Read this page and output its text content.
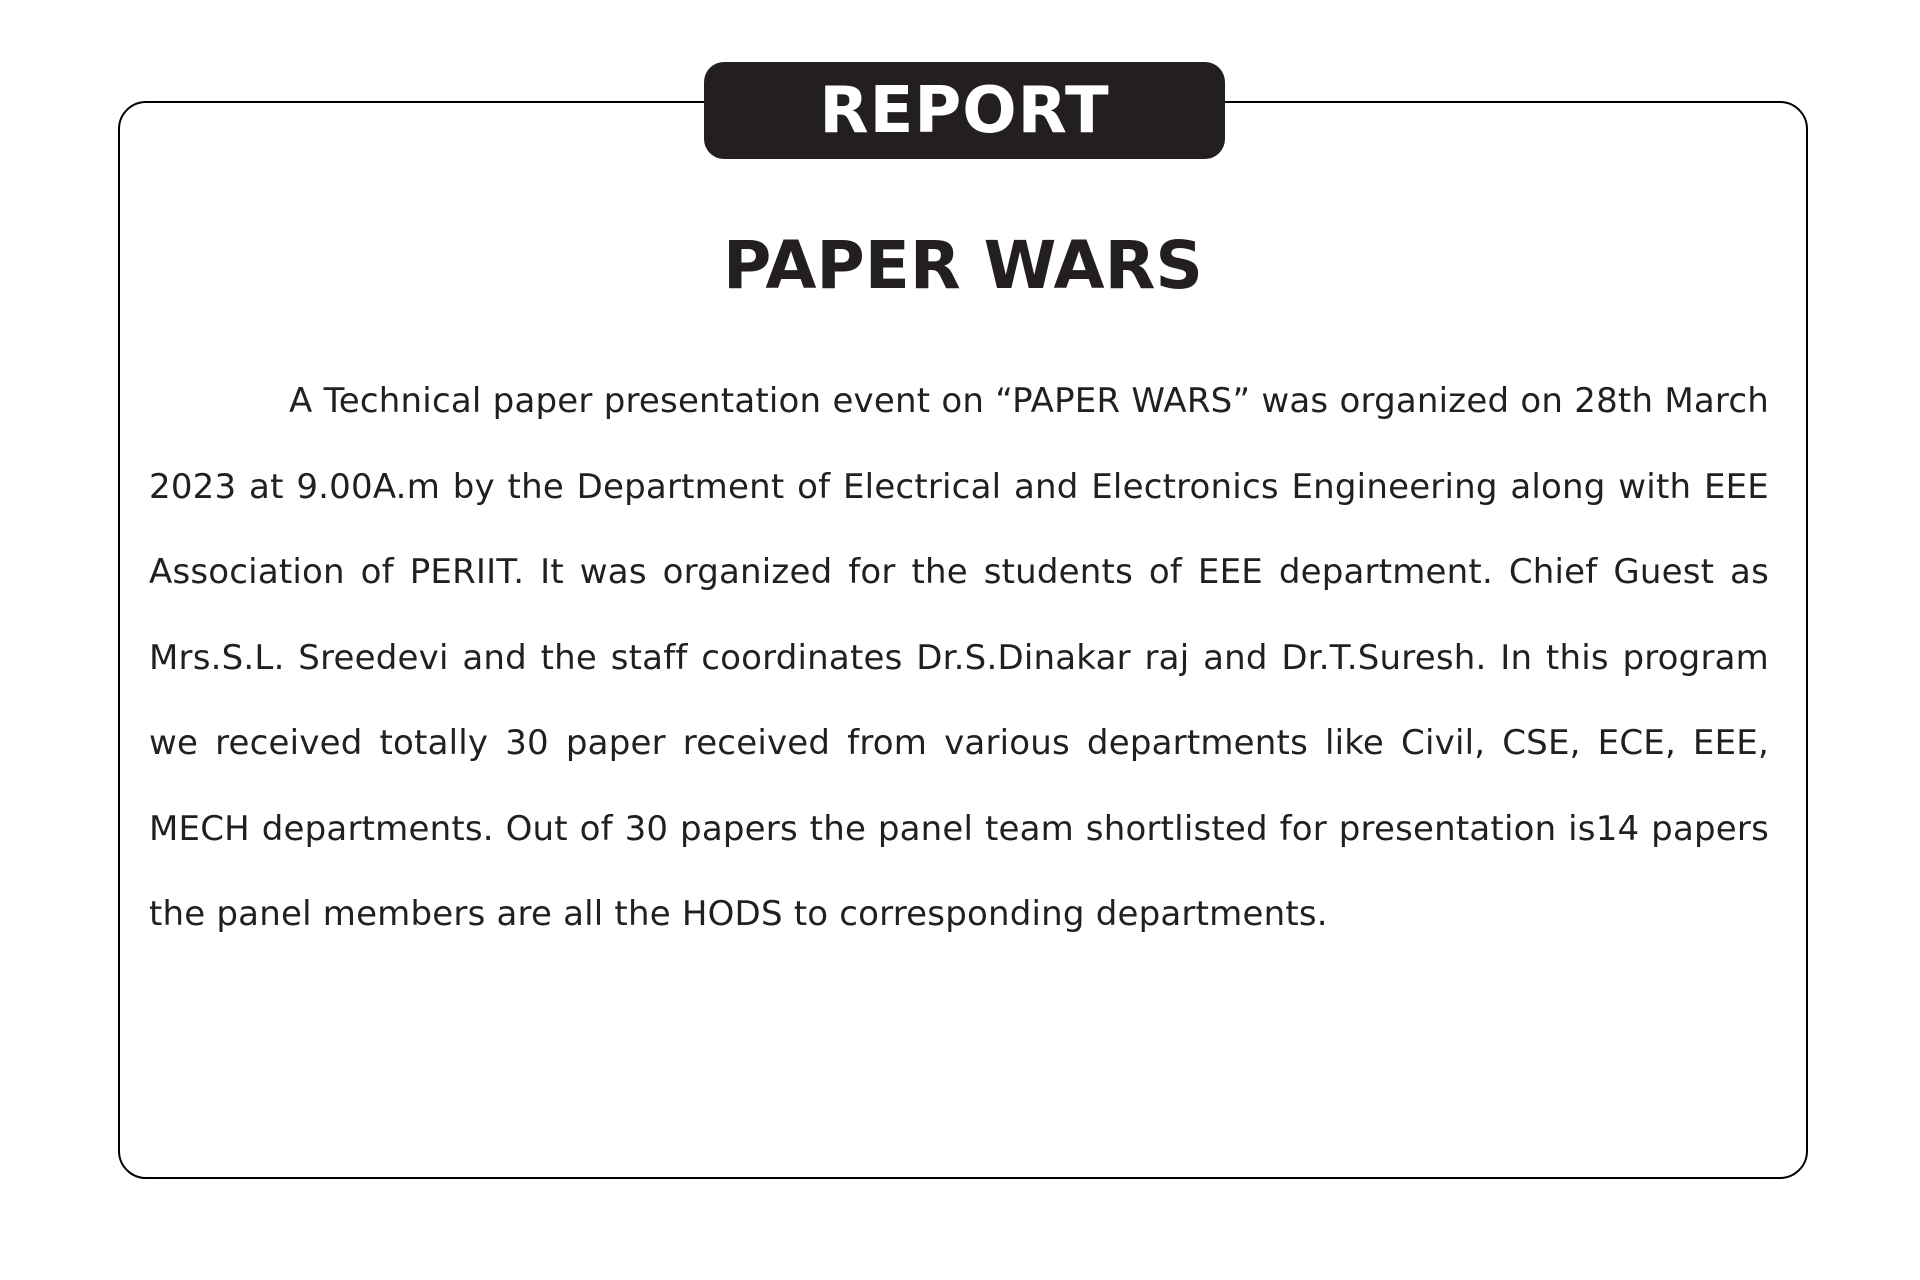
REPORT
PAPER WARS

A Technical paper presentation event on “PAPER WARS” was organized on 28th March 2023 at 9.00A.m by the Department of Electrical and Electronics Engineering along with EEE Association of PERIIT. It was organized for the students of EEE department. Chief Guest as Mrs.S.L. Sreedevi and the staff coordinates Dr.S.Dinakar raj and Dr.T.Suresh. In this program we received totally 30 paper received from various departments like Civil, CSE, ECE, EEE, MECH departments. Out of 30 papers the panel team shortlisted for presentation is14 papers the panel members are all the HODS to corresponding departments.
